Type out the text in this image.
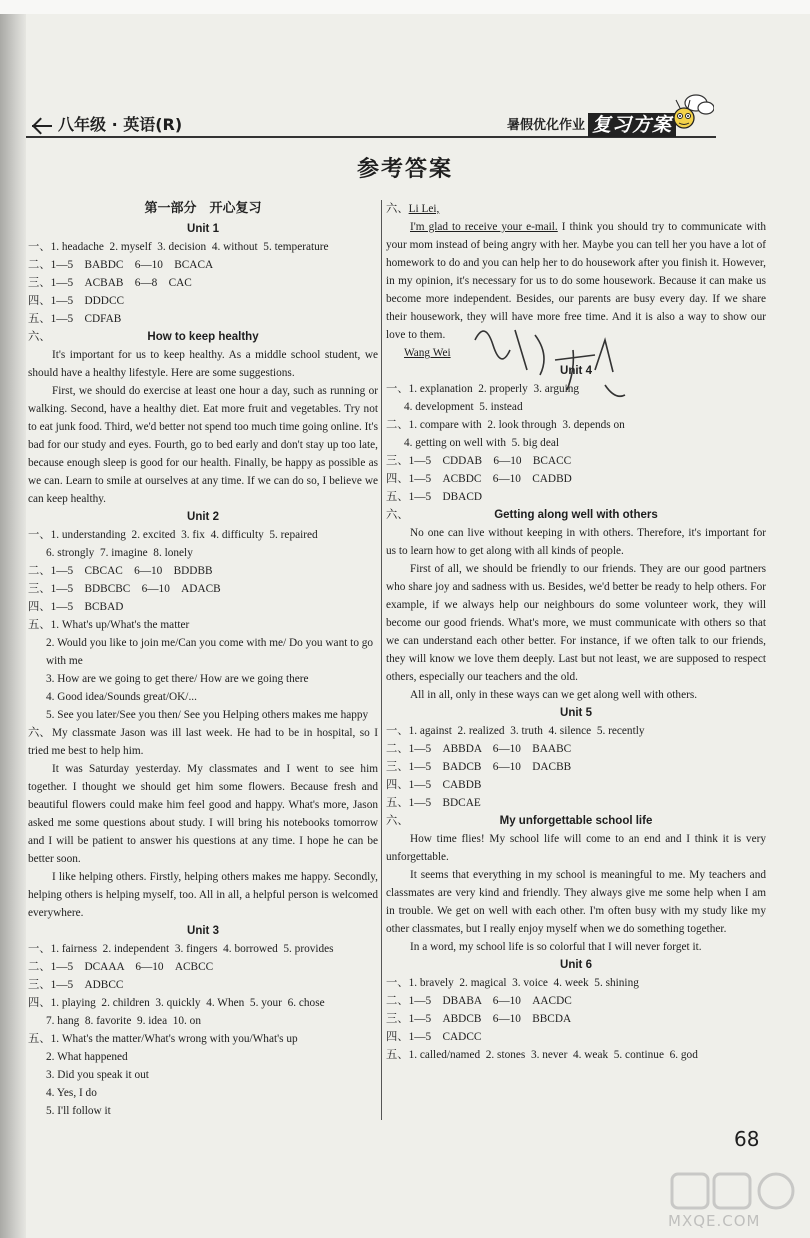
八年级 · 英语(R)	暑假优化作业 复习方案
参考答案
第一部分　开心复习
Unit 1
一、1. headache  2. myself  3. decision  4. without  5. temperature
二、1—5　BABDC　6—10　BCACA
三、1—5　ACBAB　6—8　CAC
四、1—5　DDDCC
五、1—5　CDFAB
六、	How to keep healthy

It's important for us to keep healthy. As a middle school student, we should have a healthy lifestyle. Here are some suggestions.

First, we should do exercise at least one hour a day, such as running or walking. Second, have a healthy diet. Eat more fruit and vegetables. Try not to eat junk food. Third, we'd better not spend too much time going online. It's bad for our study and eyes. Fourth, go to bed early and don't stay up too late, because enough sleep is good for our health. Finally, be happy as possible as we can. Learn to smile at ourselves at any time. If we can do so, I believe we can keep healthy.

Unit 2
一、1. understanding  2. excited  3. fix  4. difficulty  5. repaired
6. strongly  7. imagine  8. lonely
二、1—5　CBCAC　6—10　BDDBB
三、1—5　BDBCBC　6—10　ADACB
四、1—5　BCBAD
五、1. What's up/What's the matter
2. Would you like to join me/Can you come with me/ Do you want to go with me
3. How are we going to get there/ How are we going there
4. Good idea/Sounds great/OK/...
5. See you later/See you then/ See you Helping others makes me happy
六、 My classmate Jason was ill last week. He had to be in hospital, so I tried me best to help him.

It was Saturday yesterday. My classmates and I went to see him together. I thought we should get him some flowers. Because fresh and beautiful flowers could make him feel good and happy. What's more, Jason asked me some questions about study. I will bring his notebooks tomorrow and I will be patient to answer his questions at any time. I hope he can be better soon.

I like helping others. Firstly, helping others makes me happy. Secondly, helping others is helping myself, too. All in all, a helpful person is welcomed everywhere.

Unit 3
一、1. fairness  2. independent  3. fingers  4. borrowed  5. provides
二、1—5　DCAAA　6—10　ACBCC
三、1—5　ADBCC
四、1. playing  2. children  3. quickly  4. When  5. your  6. chose
7. hang  8. favorite  9. idea  10. on
五、1. What's the matter/What's wrong with you/What's up
2. What happened
3. Did you speak it out
4. Yes, I do
5. I'll follow it
六、Li Lei,

I'm glad to receive your e-mail. I think you should try to communicate with your mom instead of being angry with her. Maybe you can tell her you have a lot of homework to do and you can help her to do housework after you finish it. However, in my opinion, it's necessary for us to do some housework. Because it can make us become more independent. Besides, our parents are busy every day. If we share their housework, they will have more free time. And it is also a way to show our love to them.

Wang Wei
Unit 4
一、1. explanation  2. properly  3. arguing
4. development  5. instead
二、1. compare with  2. look through  3. depends on
4. getting on well with  5. big deal
三、1—5　CDDAB　6—10　BCACC
四、1—5　ACBDC　6—10　CADBD
五、1—5　DBACD
六、	Getting along well with others

No one can live without keeping in with others. Therefore, it's important for us to learn how to get along with all kinds of people.

First of all, we should be friendly to our friends. They are our good partners who share joy and sadness with us. Besides, we'd better be ready to help others. For example, if we always help our neighbours do some volunteer work, they will become our good friends. What's more, we must communicate with others so that we can understand each other better. For instance, if we often talk to our friends, they will know we love them deeply. Last but not least, we are supposed to respect others, especially our teachers and the old.

All in all, only in these ways can we get along well with others.

Unit 5
一、1. against  2. realized  3. truth  4. silence  5. recently
二、1—5　ABBDA　6—10　BAABC
三、1—5　BADCB　6—10　DACBB
四、1—5　CABDB
五、1—5　BDCAE
六、	My unforgettable school life

How time flies! My school life will come to an end and I think it is very unforgettable.

It seems that everything in my school is meaningful to me. My teachers and classmates are very kind and friendly. They always give me some help when I am in trouble. We get on well with each other. I'm often busy with my study like my other classmates, but I really enjoy myself when we do something together.

In a word, my school life is so colorful that I will never forget it.

Unit 6
一、1. bravely  2. magical  3. voice  4. week  5. shining
二、1—5　DBABA　6—10　AACDC
三、1—5　ABDCB　6—10　BBCDA
四、1—5　CADCC
五、1. called/named  2. stones  3. never  4. weak  5. continue  6. god
68
MXQE.COM
